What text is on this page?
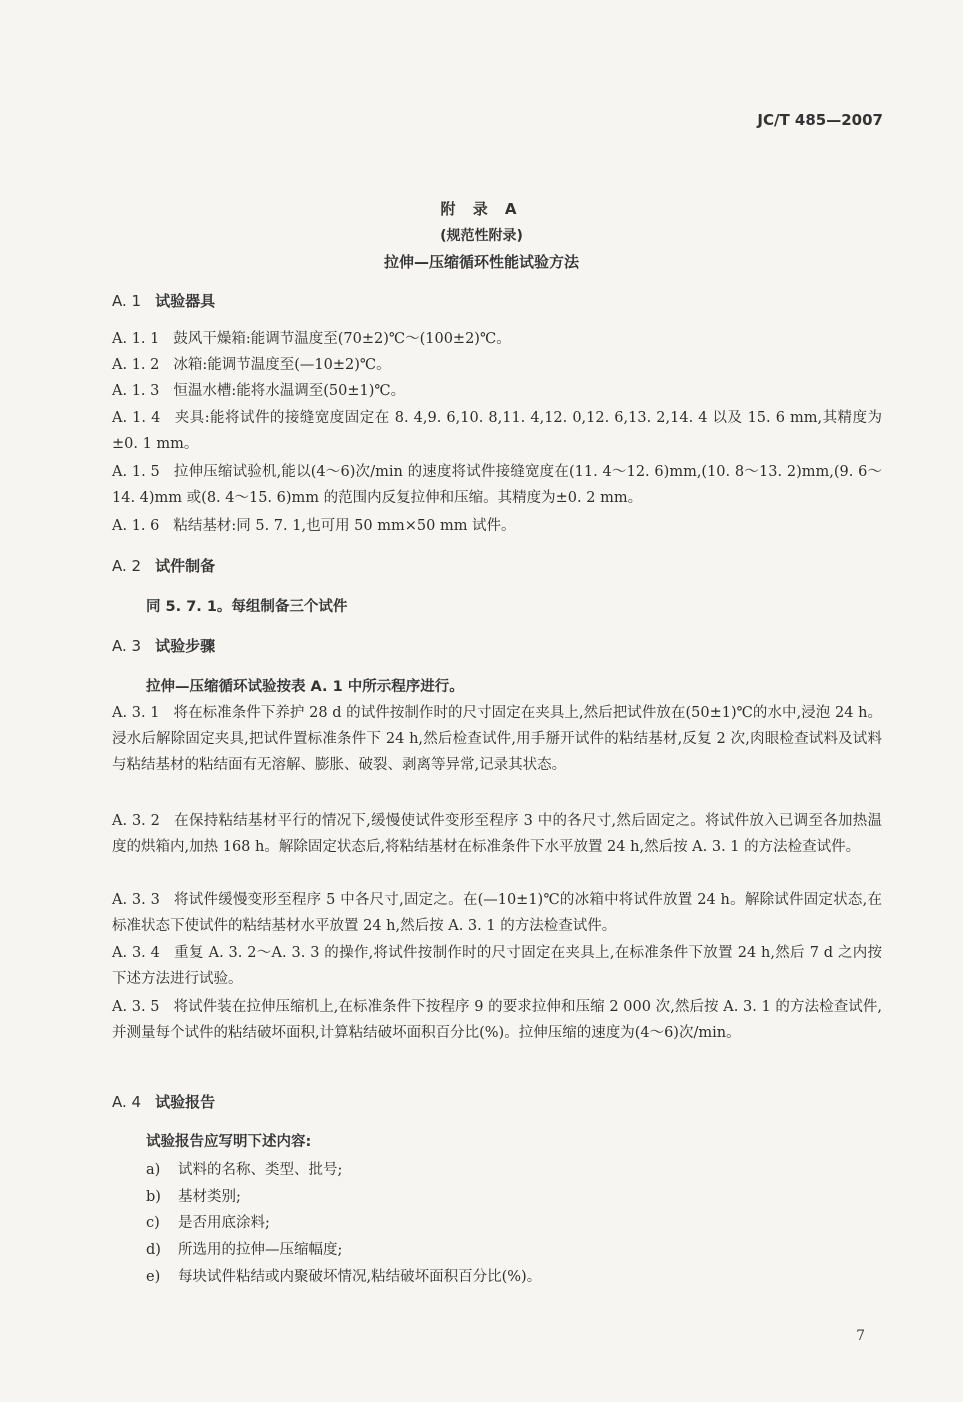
JC/T 485—2007
附 录 A
(规范性附录)
拉伸—压缩循环性能试验方法
A. 1 试验器具
A. 1. 1 鼓风干燥箱:能调节温度至(70±2)℃～(100±2)℃。
A. 1. 2 冰箱:能调节温度至(—10±2)℃。
A. 1. 3 恒温水槽:能将水温调至(50±1)℃。
A. 1. 4 夹具:能将试件的接缝宽度固定在 8. 4,9. 6,10. 8,11. 4,12. 0,12. 6,13. 2,14. 4 以及 15. 6 mm,其精度为±0. 1 mm。
A. 1. 5 拉伸压缩试验机,能以(4～6)次/min 的速度将试件接缝宽度在(11. 4～12. 6)mm,(10. 8～13. 2)mm,(9. 6～14. 4)mm 或(8. 4～15. 6)mm 的范围内反复拉伸和压缩。其精度为±0. 2 mm。
A. 1. 6 粘结基材:同 5. 7. 1,也可用 50 mm×50 mm 试件。
A. 2 试件制备
同 5. 7. 1。每组制备三个试件
A. 3 试验步骤
拉伸—压缩循环试验按表 A. 1 中所示程序进行。
A. 3. 1 将在标准条件下养护 28 d 的试件按制作时的尺寸固定在夹具上,然后把试件放在(50±1)℃的水中,浸泡 24 h。浸水后解除固定夹具,把试件置标准条件下 24 h,然后检查试件,用手掰开试件的粘结基材,反复 2 次,肉眼检查试料及试料与粘结基材的粘结面有无溶解、膨胀、破裂、剥离等异常,记录其状态。
A. 3. 2 在保持粘结基材平行的情况下,缓慢使试件变形至程序 3 中的各尺寸,然后固定之。将试件放入已调至各加热温度的烘箱内,加热 168 h。解除固定状态后,将粘结基材在标准条件下水平放置 24 h,然后按 A. 3. 1 的方法检查试件。
A. 3. 3 将试件缓慢变形至程序 5 中各尺寸,固定之。在(—10±1)℃的冰箱中将试件放置 24 h。解除试件固定状态,在标准状态下使试件的粘结基材水平放置 24 h,然后按 A. 3. 1 的方法检查试件。
A. 3. 4 重复 A. 3. 2～A. 3. 3 的操作,将试件按制作时的尺寸固定在夹具上,在标准条件下放置 24 h,然后 7 d 之内按下述方法进行试验。
A. 3. 5 将试件装在拉伸压缩机上,在标准条件下按程序 9 的要求拉伸和压缩 2 000 次,然后按 A. 3. 1 的方法检查试件,并测量每个试件的粘结破坏面积,计算粘结破坏面积百分比(%)。拉伸压缩的速度为(4～6)次/min。
A. 4 试验报告
试验报告应写明下述内容:
a) 试料的名称、类型、批号;
b) 基材类别;
c) 是否用底涂料;
d) 所选用的拉伸—压缩幅度;
e) 每块试件粘结或内聚破坏情况,粘结破坏面积百分比(%)。
7
